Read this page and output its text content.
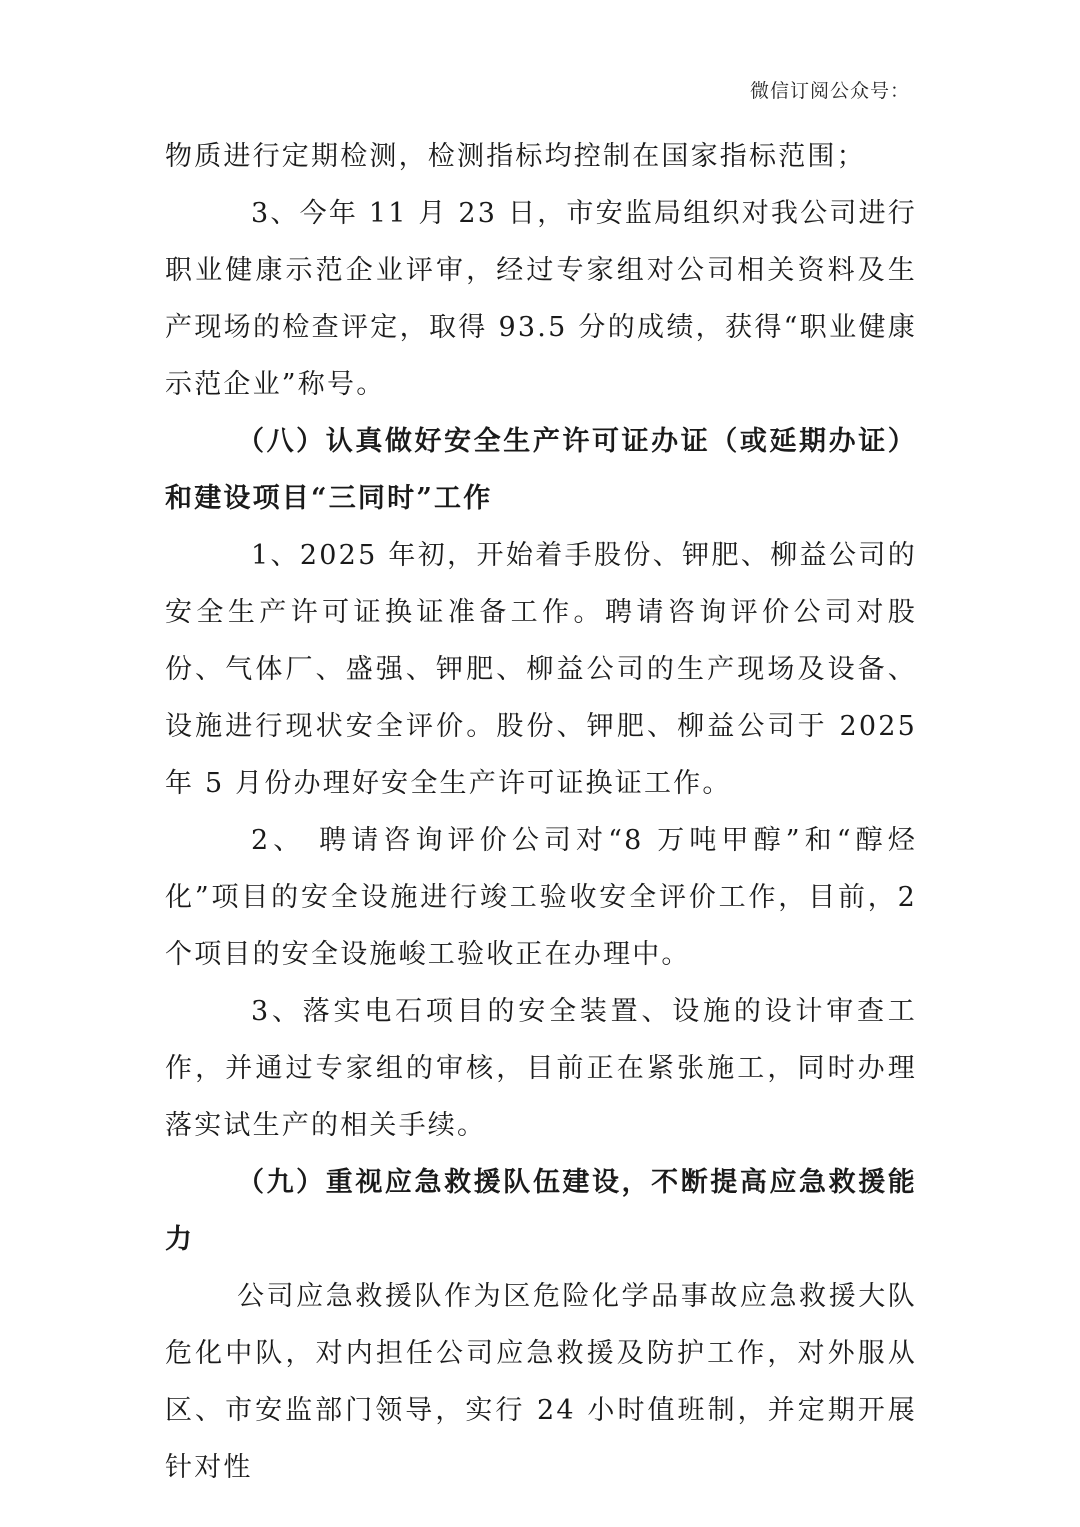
微信订阅公众号：

物质进行定期检测，检测指标均控制在国家指标范围；

3、今年 11 月 23 日，市安监局组织对我公司进行职业健康示范企业评审，经过专家组对公司相关资料及生产现场的检查评定，取得 93.5 分的成绩，获得“职业健康示范企业”称号。

（八）认真做好安全生产许可证办证（或延期办证）和建设项目“三同时”工作

1、2025 年初，开始着手股份、钾肥、柳益公司的安全生产许可证换证准备工作。聘请咨询评价公司对股份、气体厂、盛强、钾肥、柳益公司的生产现场及设备、设施进行现状安全评价。股份、钾肥、柳益公司于 2025 年 5 月份办理好安全生产许可证换证工作。

2、 聘请咨询评价公司对“8 万吨甲醇”和“醇烃化”项目的安全设施进行竣工验收安全评价工作，目前，2 个项目的安全设施峻工验收正在办理中。

3、落实电石项目的安全装置、设施的设计审查工作，并通过专家组的审核，目前正在紧张施工，同时办理落实试生产的相关手续。

（九）重视应急救援队伍建设，不断提高应急救援能力

公司应急救援队作为区危险化学品事故应急救援大队危化中队，对内担任公司应急救援及防护工作，对外服从区、市安监部门领导，实行 24 小时值班制，并定期开展针对性
